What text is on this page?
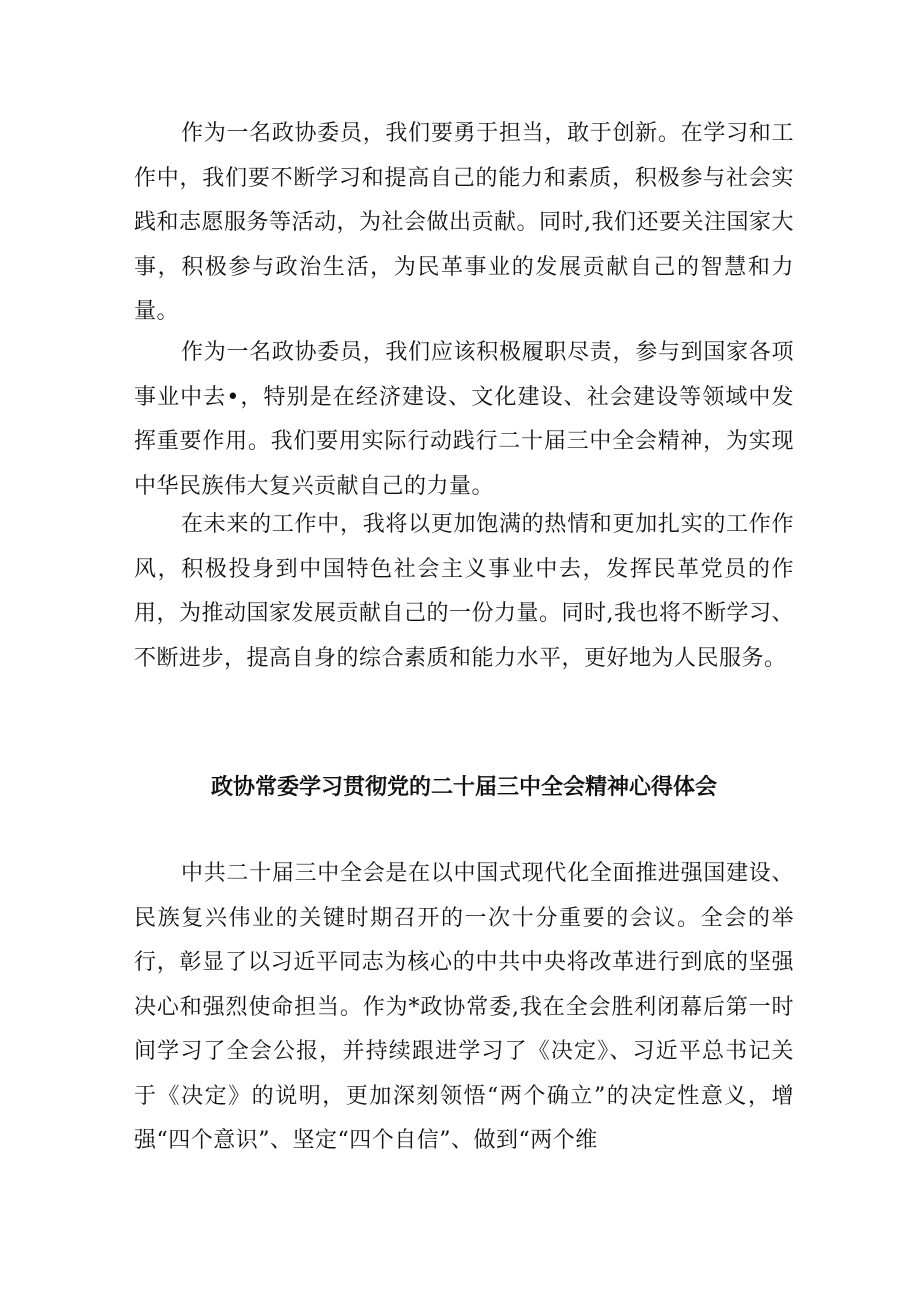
作为一名政协委员，我们要勇于担当，敢于创新。在学习和工作中，我们要不断学习和提高自己的能力和素质，积极参与社会实践和志愿服务等活动，为社会做出贡献。同时,我们还要关注国家大事，积极参与政治生活，为民革事业的发展贡献自己的智慧和力量。

作为一名政协委员，我们应该积极履职尽责，参与到国家各项事业中去•，特别是在经济建设、文化建设、社会建设等领域中发挥重要作用。我们要用实际行动践行二十届三中全会精神，为实现中华民族伟大复兴贡献自己的力量。

在未来的工作中，我将以更加饱满的热情和更加扎实的工作作风，积极投身到中国特色社会主义事业中去，发挥民革党员的作用，为推动国家发展贡献自己的一份力量。同时,我也将不断学习、不断进步，提高自身的综合素质和能力水平，更好地为人民服务。

政协常委学习贯彻党的二十届三中全会精神心得体会

中共二十届三中全会是在以中国式现代化全面推进强国建设、民族复兴伟业的关键时期召开的一次十分重要的会议。全会的举行，彰显了以习近平同志为核心的中共中央将改革进行到底的坚强决心和强烈使命担当。作为*政协常委,我在全会胜利闭幕后第一时间学习了全会公报，并持续跟进学习了《决定》、习近平总书记关于《决定》的说明，更加深刻领悟“两个确立”的决定性意义，增强“四个意识”、坚定“四个自信”、做到“两个维
